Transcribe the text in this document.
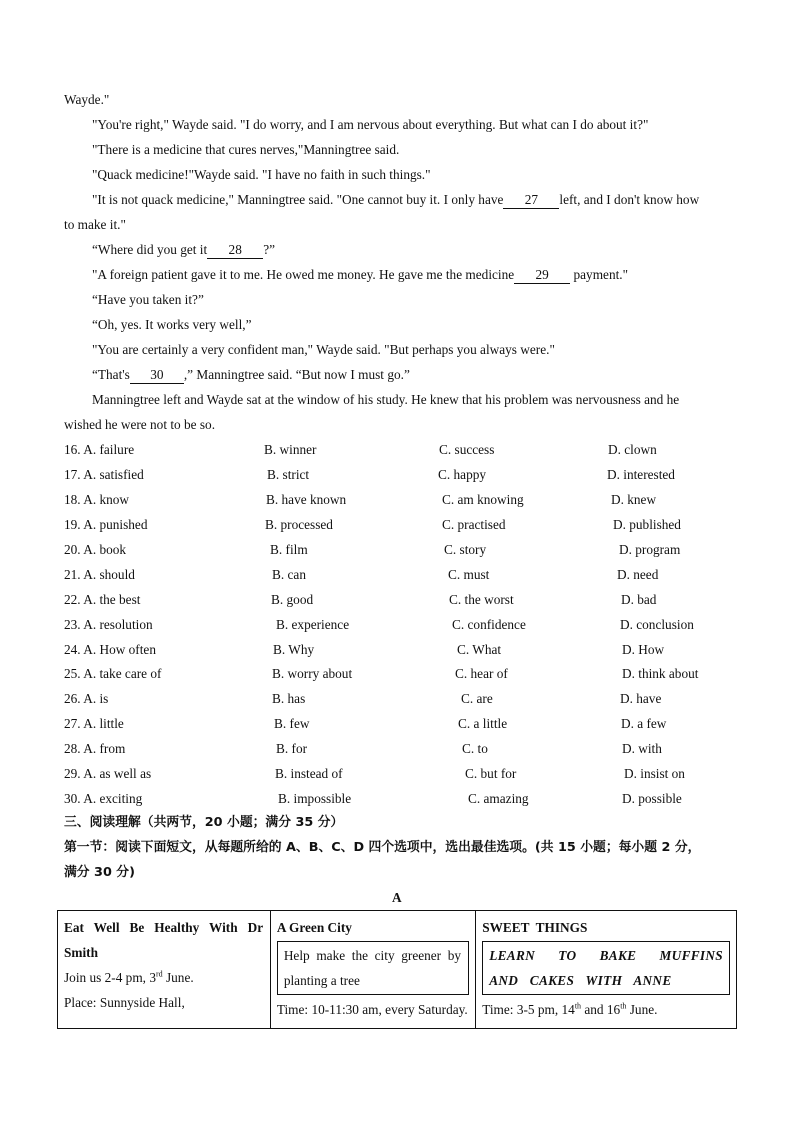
Wayde."
"You're right," Wayde said. "I do worry, and I am nervous about everything. But what can I do about it?"
"There is a medicine that cures nerves,"Manningtree said.
"Quack medicine!"Wayde said. "I have no faith in such things."
"It is not quack medicine," Manningtree said. "One cannot buy it. I only have 27 left, and I don't know how
to make it."
“Where did you get it 28 ?”
"A foreign patient gave it to me. He owed me money. He gave me the medicine 29 payment."
“Have you taken it?”
“Oh, yes. It works very well,”
"You are certainly a very confident man," Wayde said. "But perhaps you always were."
“That's 30 ,” Manningtree said. “But now I must go.”
Manningtree left and Wayde sat at the window of his study. He knew that his problem was nervousness and he
wished he were not to be so.
16. A. failure	B. winner	C. success	D. clown
17. A. satisfied	B. strict	C. happy	D. interested
18. A. know	B. have known	C. am knowing	D. knew
19. A. punished	B. processed	C. practised	D. published
20. A. book	B. film	C. story	D. program
21. A. should	B. can	C. must	D. need
22. A. the best	B. good	C. the worst	D. bad
23. A. resolution	B. experience	C. confidence	D. conclusion
24. A. How often	B. Why	C. What	D. How
25. A. take care of	B. worry about	C. hear of	D. think about
26. A. is	B. has	C. are	D. have
27. A. little	B. few	C. a little	D. a few
28. A. from	B. for	C. to	D. with
29. A. as well as	B. instead of	C. but for	D. insist on
30. A. exciting	B. impossible	C. amazing	D. possible
三、阅读理解（共两节，20 小题；满分 35 分）
第一节：阅读下面短文，从每题所给的 A、B、C、D 四个选项中，选出最佳选项。(共 15 小题；每小题 2 分，
满分 30 分)
A
Eat   Well   Be   Healthy   With   Dr
Smith
Join us 2-4 pm, 3rd June.
Place: Sunnyside Hall,

A Green City
Help  make  the  city  greener  by
planting a tree
Time: 10-11:30 am, every Saturday.

SWEET  THINGS
LEARN  TO  BAKE  MUFFINS
AND CAKES WITH ANNE
Time: 3-5 pm, 14th and 16th June.
